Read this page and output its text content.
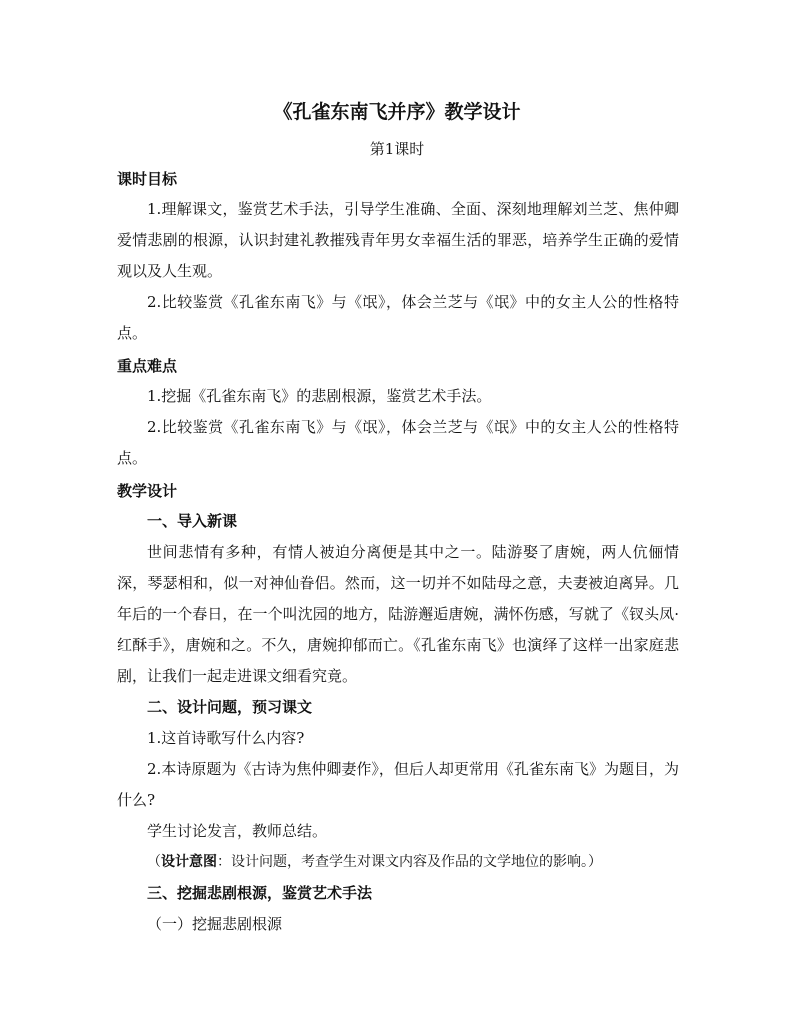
《孔雀东南飞并序》教学设计
第1课时

课时目标

1.理解课文，鉴赏艺术手法，引导学生准确、全面、深刻地理解刘兰芝、焦仲卿爱情悲剧的根源，认识封建礼教摧残青年男女幸福生活的罪恶，培养学生正确的爱情观以及人生观。

2.比较鉴赏《孔雀东南飞》与《氓》，体会兰芝与《氓》中的女主人公的性格特点。

重点难点

1.挖掘《孔雀东南飞》的悲剧根源，鉴赏艺术手法。

2.比较鉴赏《孔雀东南飞》与《氓》，体会兰芝与《氓》中的女主人公的性格特点。

教学设计

一、导入新课

世间悲情有多种，有情人被迫分离便是其中之一。陆游娶了唐婉，两人伉俪情深，琴瑟相和，似一对神仙眷侣。然而，这一切并不如陆母之意，夫妻被迫离异。几年后的一个春日，在一个叫沈园的地方，陆游邂逅唐婉，满怀伤感，写就了《钗头凤·红酥手》，唐婉和之。不久，唐婉抑郁而亡。《孔雀东南飞》也演绎了这样一出家庭悲剧，让我们一起走进课文细看究竟。

二、设计问题，预习课文

1.这首诗歌写什么内容?

2.本诗原题为《古诗为焦仲卿妻作》，但后人却更常用《孔雀东南飞》为题目，为什么?

学生讨论发言，教师总结。

（设计意图：设计问题，考查学生对课文内容及作品的文学地位的影响。）

三、挖掘悲剧根源，鉴赏艺术手法

（一）挖掘悲剧根源
